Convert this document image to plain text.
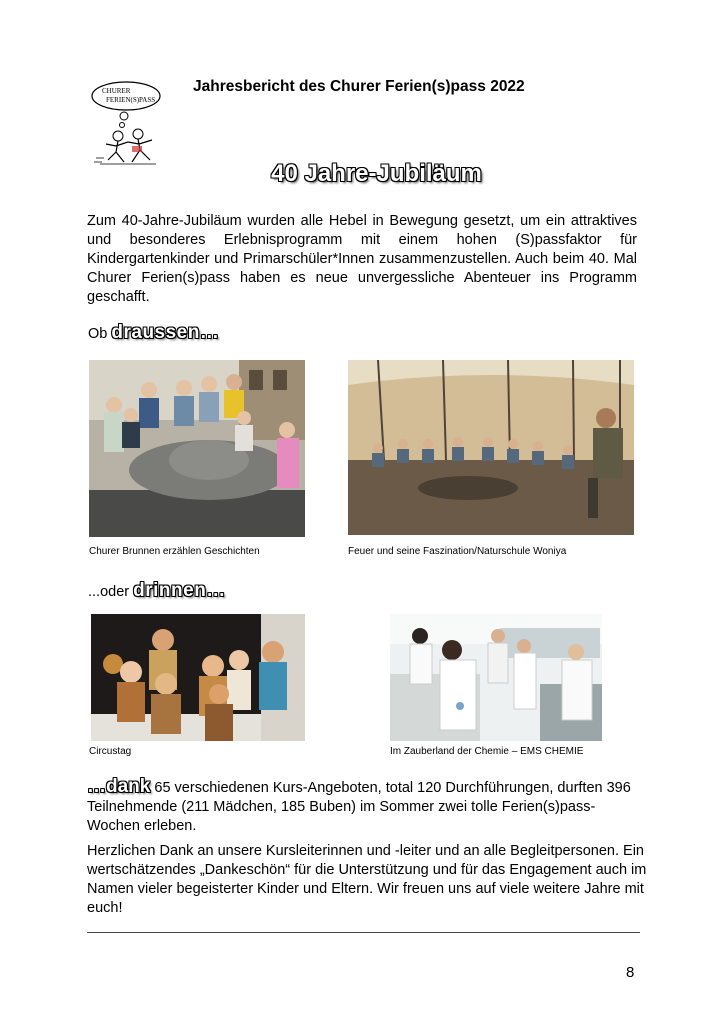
CHURER
FERIEN(S)PASS
Jahresbericht des Churer Ferien(s)pass 2022
40 Jahre-Jubiläum
Zum 40-Jahre-Jubiläum wurden alle Hebel in Bewegung gesetzt, um ein attraktives und besonderes Erlebnisprogramm mit einem hohen (S)passfaktor für Kindergartenkinder und Primarschüler*Innen zusammenzustellen. Auch beim 40. Mal Churer Ferien(s)pass haben es neue unvergessliche Abenteuer ins Programm geschafft.
Ob draussen…
Churer Brunnen erzählen Geschichten	Feuer und seine Faszination/Naturschule Woniya
...oder drinnen…
Circustag	Im Zauberland der Chemie – EMS CHEMIE
…dank 65 verschiedenen Kurs-Angeboten, total 120 Durchführungen, durften 396 Teilnehmende (211 Mädchen, 185 Buben) im Sommer zwei tolle Ferien(s)pass-Wochen erleben.
Herzlichen Dank an unsere Kursleiterinnen und -leiter und an alle Begleitpersonen. Ein wertschätzendes „Dankeschön“ für die Unterstützung und für das Engagement auch im Namen vieler begeisterter Kinder und Eltern. Wir freuen uns auf viele weitere Jahre mit euch!
8
